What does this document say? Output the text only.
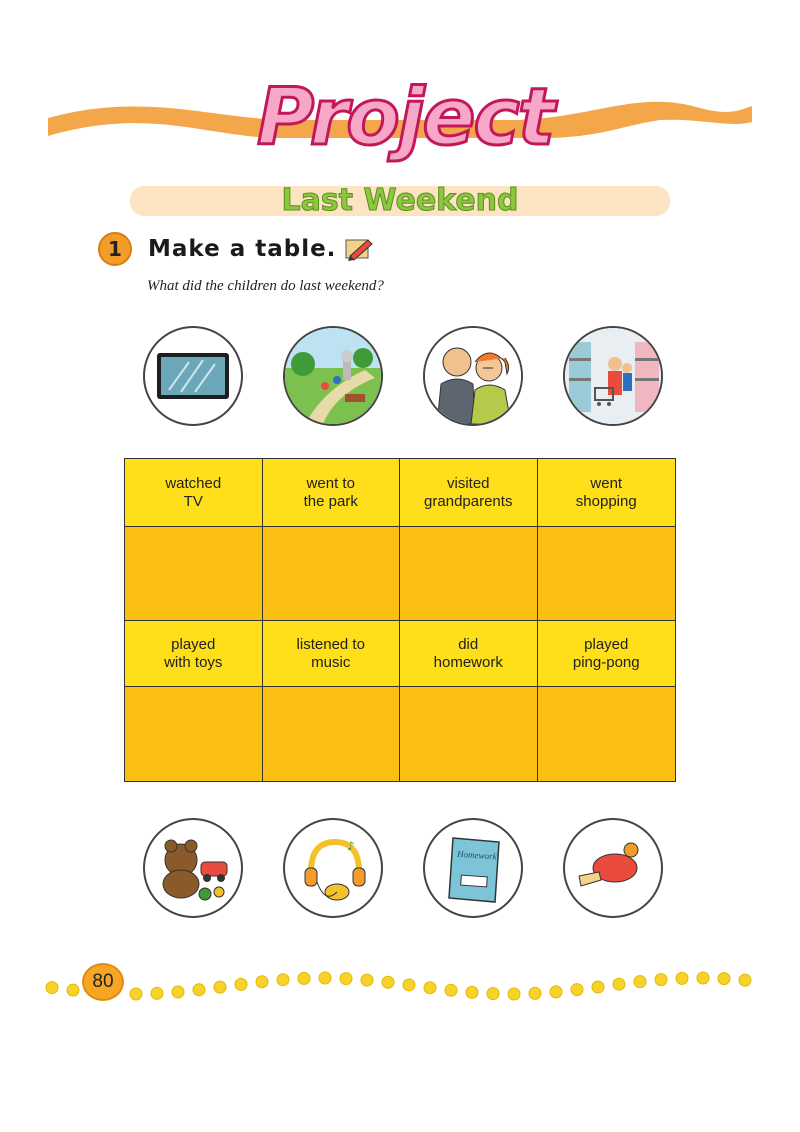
Project
Last Weekend
1	Make a table.
What did the children do last weekend?
watched
TV
went to
the park
visited
grandparents
went
shopping
played
with toys
listened to
music
did
homework
played
ping-pong
♪
Homework
80
